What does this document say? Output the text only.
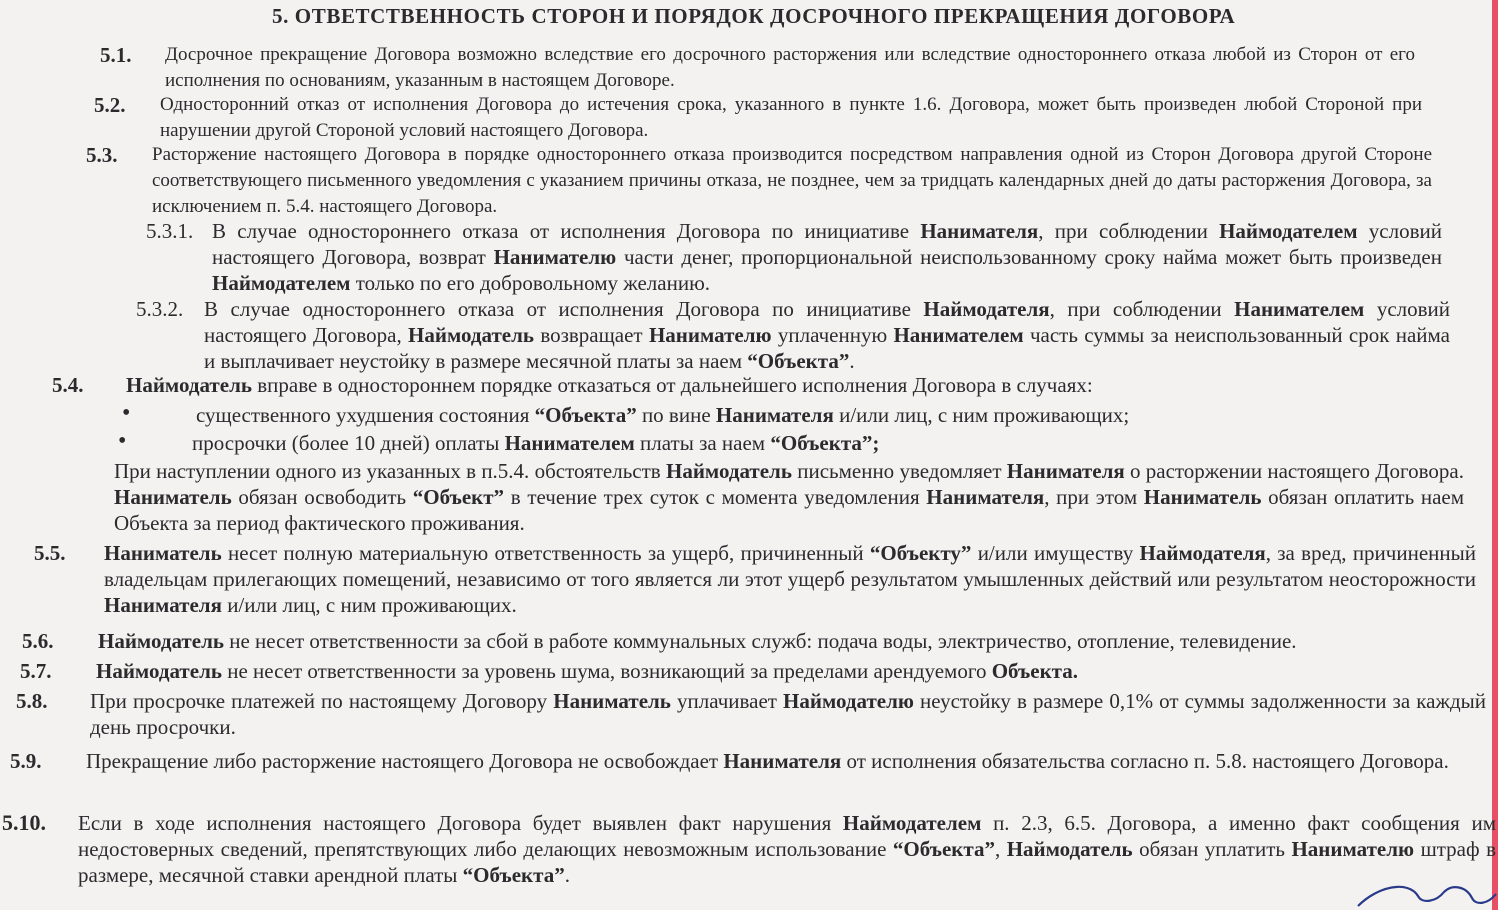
5. ОТВЕТСТВЕННОСТЬ СТОРОН И ПОРЯДОК ДОСРОЧНОГО ПРЕКРАЩЕНИЯ ДОГОВОРА
5.1. Досрочное прекращение Договора возможно вследствие его досрочного расторжения или вследствие одностороннего отказа любой из Сторон от его исполнения по основаниям, указанным в настоящем Договоре.
5.2. Односторонний отказ от исполнения Договора до истечения срока, указанного в пункте 1.6. Договора, может быть произведен любой Стороной при нарушении другой Стороной условий настоящего Договора.
5.3. Расторжение настоящего Договора в порядке одностороннего отказа производится посредством направления одной из Сторон Договора другой Стороне соответствующего письменного уведомления с указанием причины отказа, не позднее, чем за тридцать календарных дней до даты расторжения Договора, за исключением п. 5.4. настоящего Договора.
5.3.1. В случае одностороннего отказа от исполнения Договора по инициативе Нанимателя, при соблюдении Наймодателем условий настоящего Договора, возврат Нанимателю части денег, пропорциональной неиспользованному сроку найма может быть произведен Наймодателем только по его добровольному желанию.
5.3.2. В случае одностороннего отказа от исполнения Договора по инициативе Наймодателя, при соблюдении Нанимателем условий настоящего Договора, Наймодатель возвращает Нанимателю уплаченную Нанимателем часть суммы за неиспользованный срок найма и выплачивает неустойку в размере месячной платы за наем “Объекта”.
5.4. Наймодатель вправе в одностороннем порядке отказаться от дальнейшего исполнения Договора в случаях:
•	существенного ухудшения состояния “Объекта” по вине Нанимателя и/или лиц, с ним проживающих;
•	просрочки (более 10 дней) оплаты Нанимателем платы за наем “Объекта”;
При наступлении одного из указанных в п.5.4. обстоятельств Наймодатель письменно уведомляет Нанимателя о расторжении настоящего Договора. Наниматель обязан освободить “Объект” в течение трех суток с момента уведомления Нанимателя, при этом Наниматель обязан оплатить наем Объекта за период фактического проживания.
5.5. Наниматель несет полную материальную ответственность за ущерб, причиненный “Объекту” и/или имуществу Наймодателя, за вред, причиненный владельцам прилегающих помещений, независимо от того является ли этот ущерб результатом умышленных действий или результатом неосторожности Нанимателя и/или лиц, с ним проживающих.
5.6. Наймодатель не несет ответственности за сбой в работе коммунальных служб: подача воды, электричество, отопление, телевидение.
5.7. Наймодатель не несет ответственности за уровень шума, возникающий за пределами арендуемого Объекта.
5.8. При просрочке платежей по настоящему Договору Наниматель уплачивает Наймодателю неустойку в размере 0,1% от суммы задолженности за каждый день просрочки.
5.9. Прекращение либо расторжение настоящего Договора не освобождает Нанимателя от исполнения обязательства согласно п. 5.8. настоящего Договора.
5.10. Если в ходе исполнения настоящего Договора будет выявлен факт нарушения Наймодателем п. 2.3, 6.5. Договора, а именно факт сообщения им недостоверных сведений, препятствующих либо делающих невозможным использование “Объекта”, Наймодатель обязан уплатить Нанимателю штраф в размере, месячной ставки арендной платы “Объекта”.
